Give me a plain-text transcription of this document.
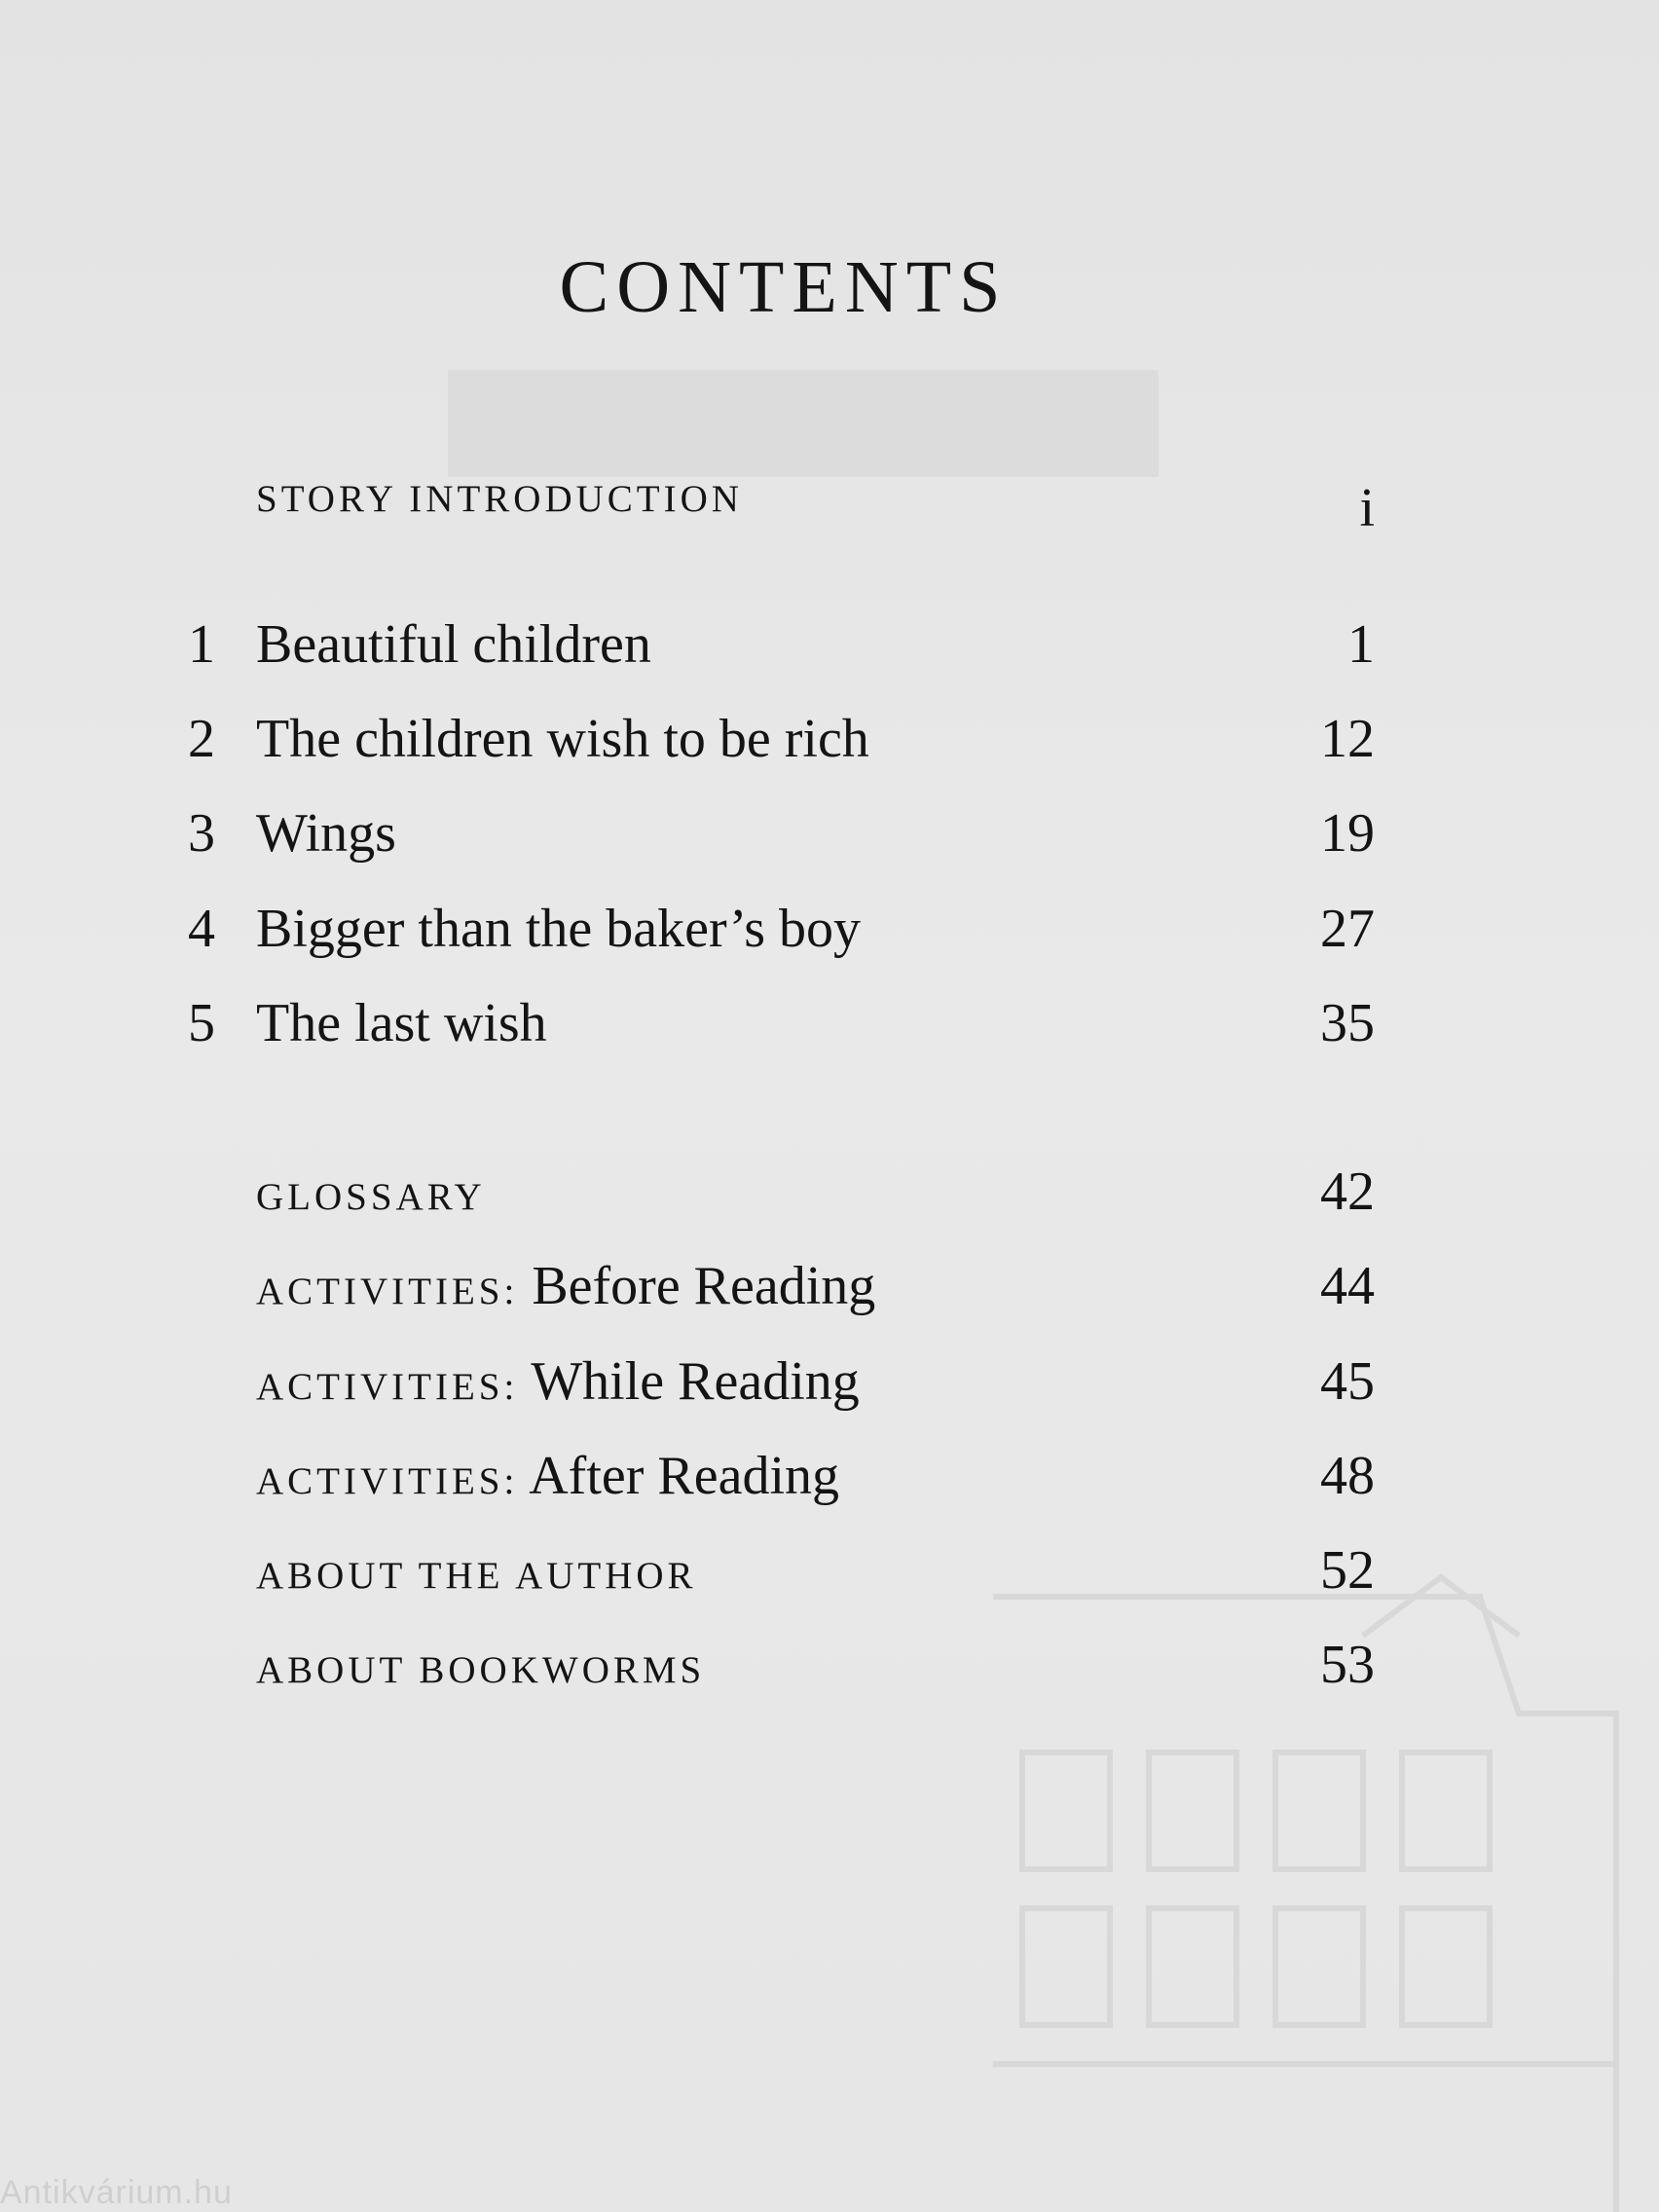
CONTENTS
STORY INTRODUCTION	i
1 Beautiful children	1
2 The children wish to be rich	12
3 Wings	19
4 Bigger than the baker’s boy	27
5 The last wish	35
GLOSSARY	42
ACTIVITIES: Before Reading	44
ACTIVITIES: While Reading	45
ACTIVITIES: After Reading	48
ABOUT THE AUTHOR	52
ABOUT BOOKWORMS	53
Antikvárium.hu
